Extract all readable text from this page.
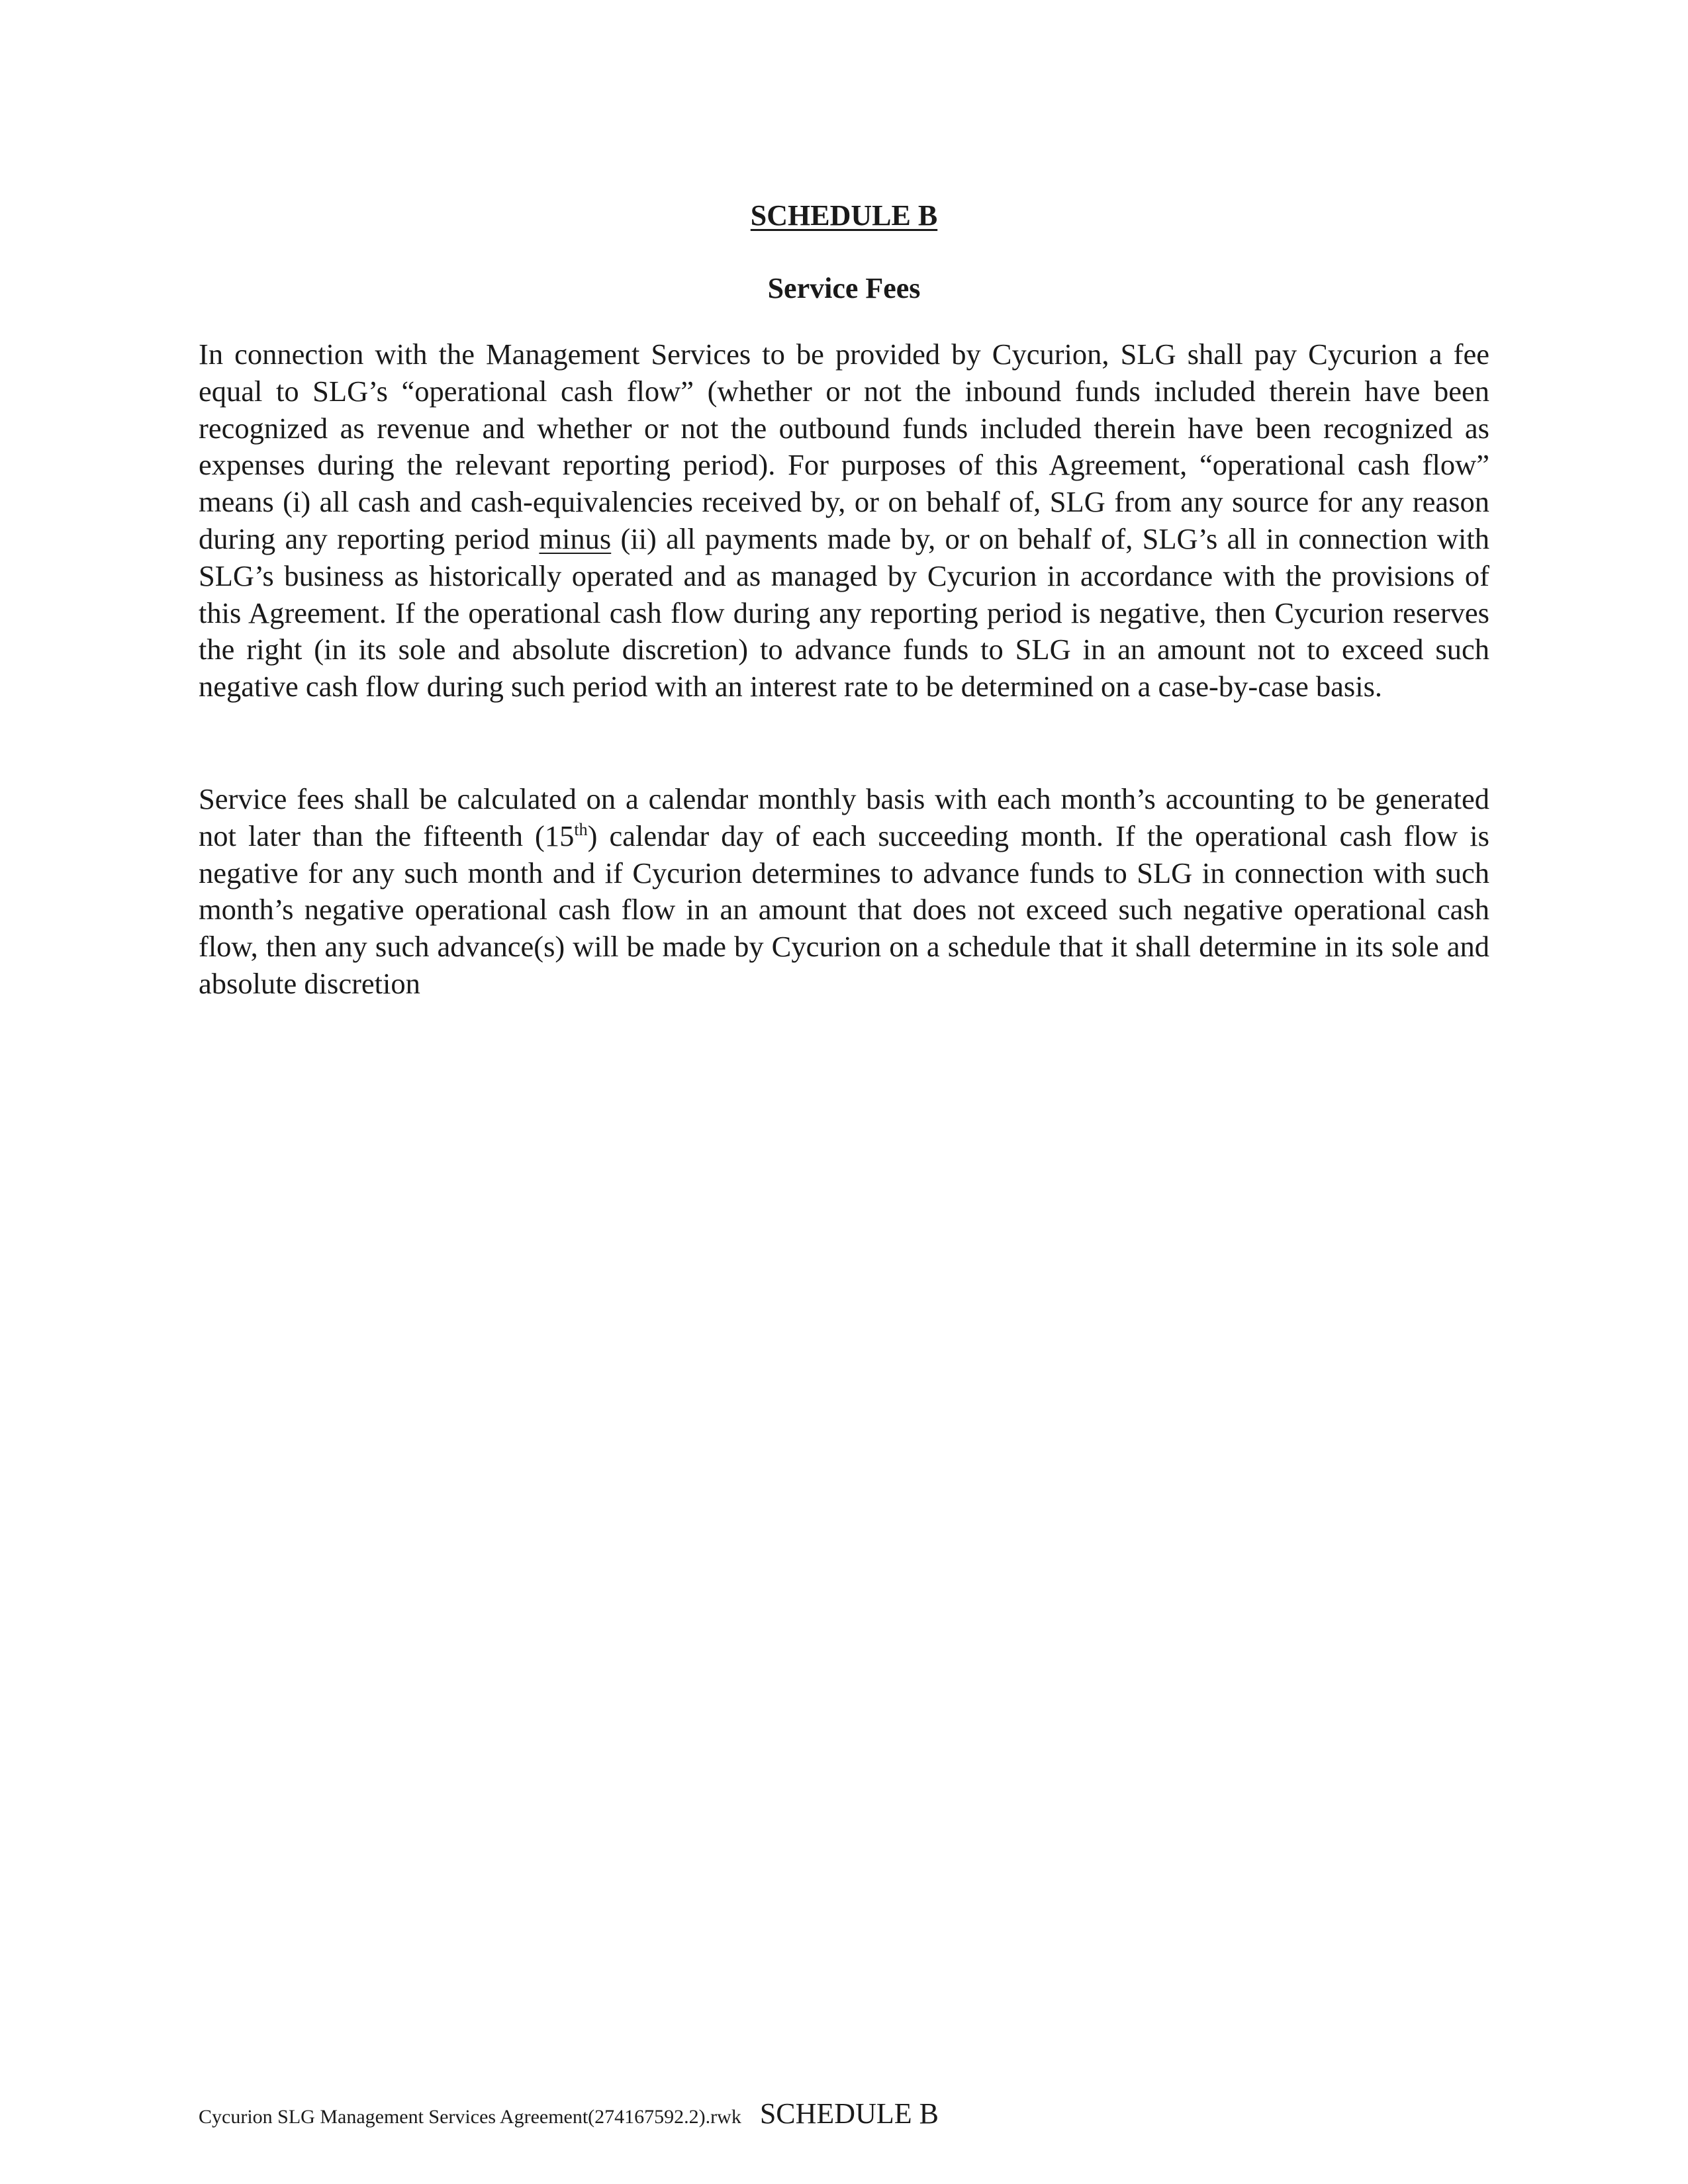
SCHEDULE B
Service Fees

In connection with the Management Services to be provided by Cycurion, SLG shall pay Cycurion a fee equal to SLG’s “operational cash flow” (whether or not the inbound funds included therein have been recognized as revenue and whether or not the outbound funds included therein have been recognized as expenses during the relevant reporting period). For purposes of this Agreement, “operational cash flow” means (i) all cash and cash-equivalencies received by, or on behalf of, SLG from any source for any reason during any reporting period minus (ii) all payments made by, or on behalf of, SLG’s all in connection with SLG’s business as historically operated and as managed by Cycurion in accordance with the provisions of this Agreement. If the operational cash flow during any reporting period is negative, then Cycurion reserves the right (in its sole and absolute discretion) to advance funds to SLG in an amount not to exceed such negative cash flow during such period with an interest rate to be determined on a case-by-case basis.

Service fees shall be calculated on a calendar monthly basis with each month’s accounting to be generated not later than the fifteenth (15th) calendar day of each succeeding month. If the operational cash flow is negative for any such month and if Cycurion determines to advance funds to SLG in connection with such month’s negative operational cash flow in an amount that does not exceed such negative operational cash flow, then any such advance(s) will be made by Cycurion on a schedule that it shall determine in its sole and absolute discretion

Cycurion SLG Management Services Agreement(274167592.2).rwk SCHEDULE B
